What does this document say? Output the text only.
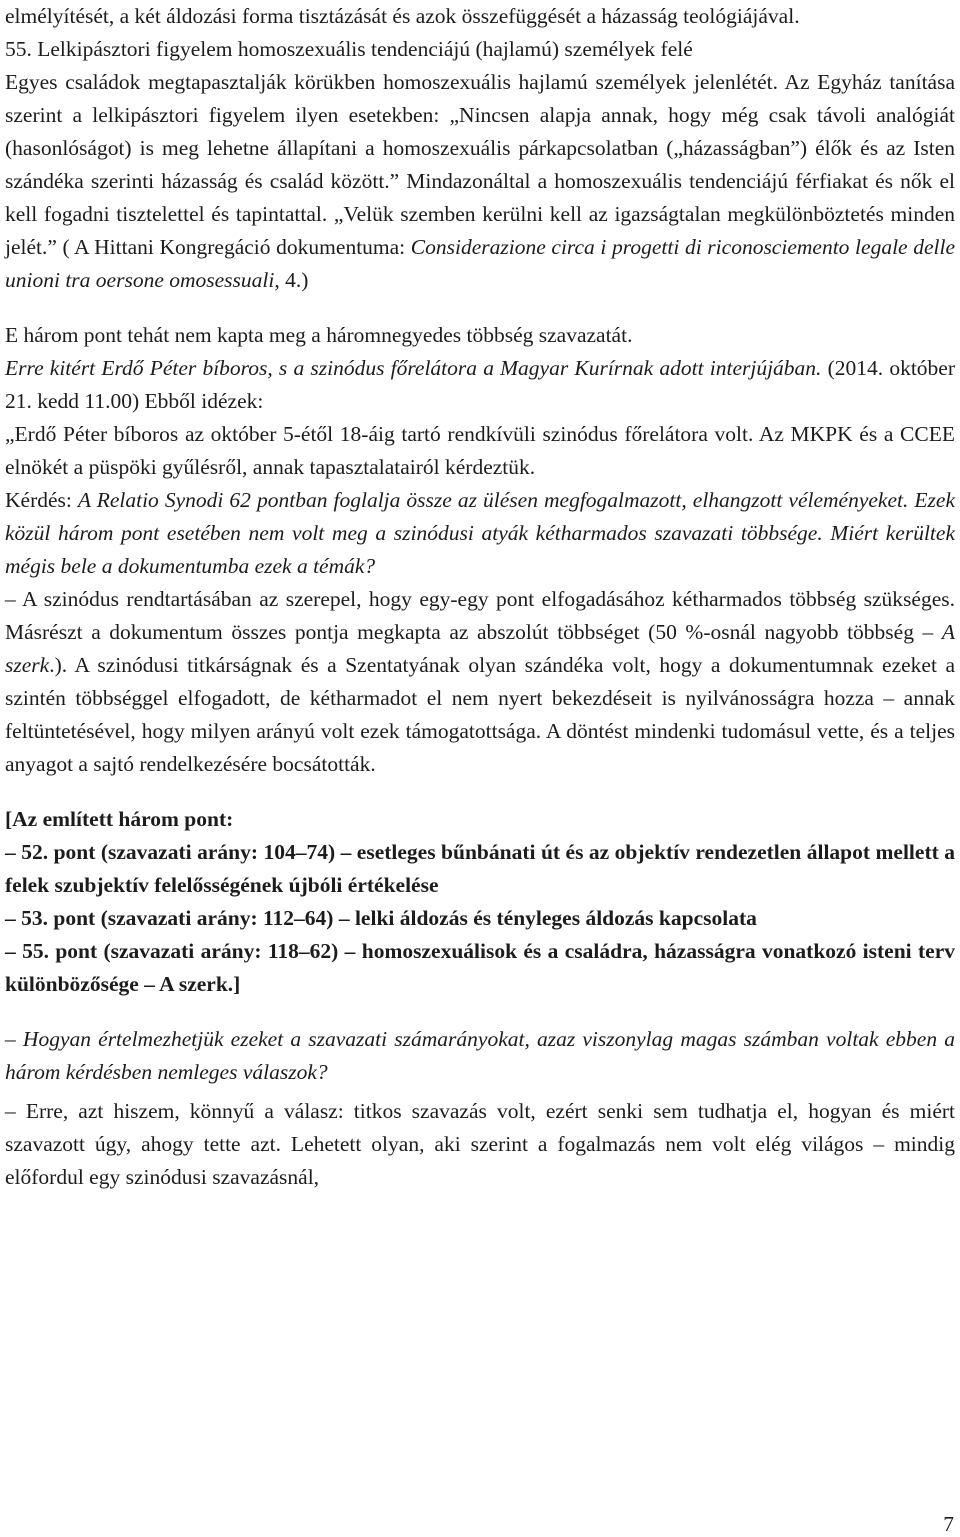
elmélyítését, a két áldozási forma tisztázását és azok összefüggését a házasság teológiájával.

55. Lelkipásztori figyelem homoszexuális tendenciájú (hajlamú) személyek felé

Egyes családok megtapasztalják körükben homoszexuális hajlamú személyek jelenlétét. Az Egyház tanítása szerint a lelkipásztori figyelem ilyen esetekben: „Nincsen alapja annak, hogy még csak távoli analógiát (hasonlóságot) is meg lehetne állapítani a homoszexuális párkapcsolatban („házasságban”) élők és az Isten szándéka szerinti házasság és család között.” Mindazonáltal a homoszexuális tendenciájú férfiakat és nők el kell fogadni tisztelettel és tapintattal. „Velük szemben kerülni kell az igazságtalan megkülönböztetés minden jelét.” ( A Hittani Kongregáció dokumentuma: Considerazione circa i progetti di riconosciemento legale delle unioni tra oersone omosessuali, 4.)

E három pont tehát nem kapta meg a háromnegyedes többség szavazatát.

Erre kitért Erdő Péter bíboros, s a szinódus főrelátora a Magyar Kurírnak adott interjújában. (2014. október 21. kedd 11.00) Ebből idézek:

„Erdő Péter bíboros az október 5-étől 18-áig tartó rendkívüli szinódus főrelátora volt. Az MKPK és a CCEE elnökét a püspöki gyűlésről, annak tapasztalatairól kérdeztük.

Kérdés: A Relatio Synodi 62 pontban foglalja össze az ülésen megfogalmazott, elhangzott véleményeket. Ezek közül három pont esetében nem volt meg a szinódusi atyák kétharmados szavazati többsége. Miért kerültek mégis bele a dokumentumba ezek a témák?

– A szinódus rendtartásában az szerepel, hogy egy-egy pont elfogadásához kétharmados többség szükséges. Másrészt a dokumentum összes pontja megkapta az abszolút többséget (50 %-osnál nagyobb többség – A szerk.). A szinódusi titkárságnak és a Szentatyának olyan szándéka volt, hogy a dokumentumnak ezeket a szintén többséggel elfogadott, de kétharmadot el nem nyert bekezdéseit is nyilvánosságra hozza – annak feltüntetésével, hogy milyen arányú volt ezek támogatottsága. A döntést mindenki tudomásul vette, és a teljes anyagot a sajtó rendelkezésére bocsátották.

[Az említett három pont:
– 52. pont (szavazati arány: 104–74) – esetleges bűnbánati út és az objektív rendezetlen állapot mellett a felek szubjektív felelősségének újbóli értékelése
– 53. pont (szavazati arány: 112–64) – lelki áldozás és tényleges áldozás kapcsolata
– 55. pont (szavazati arány: 118–62) – homoszexuálisok és a családra, házasságra vonatkozó isteni terv különbözősége – A szerk.]

– Hogyan értelmezhetjük ezeket a szavazati számarányokat, azaz viszonylag magas számban voltak ebben a három kérdésben nemleges válaszok?

– Erre, azt hiszem, könnyű a válasz: titkos szavazás volt, ezért senki sem tudhatja el, hogyan és miért szavazott úgy, ahogy tette azt. Lehetett olyan, aki szerint a fogalmazás nem volt elég világos – mindig előfordul egy szinódusi szavazásnál,

7
